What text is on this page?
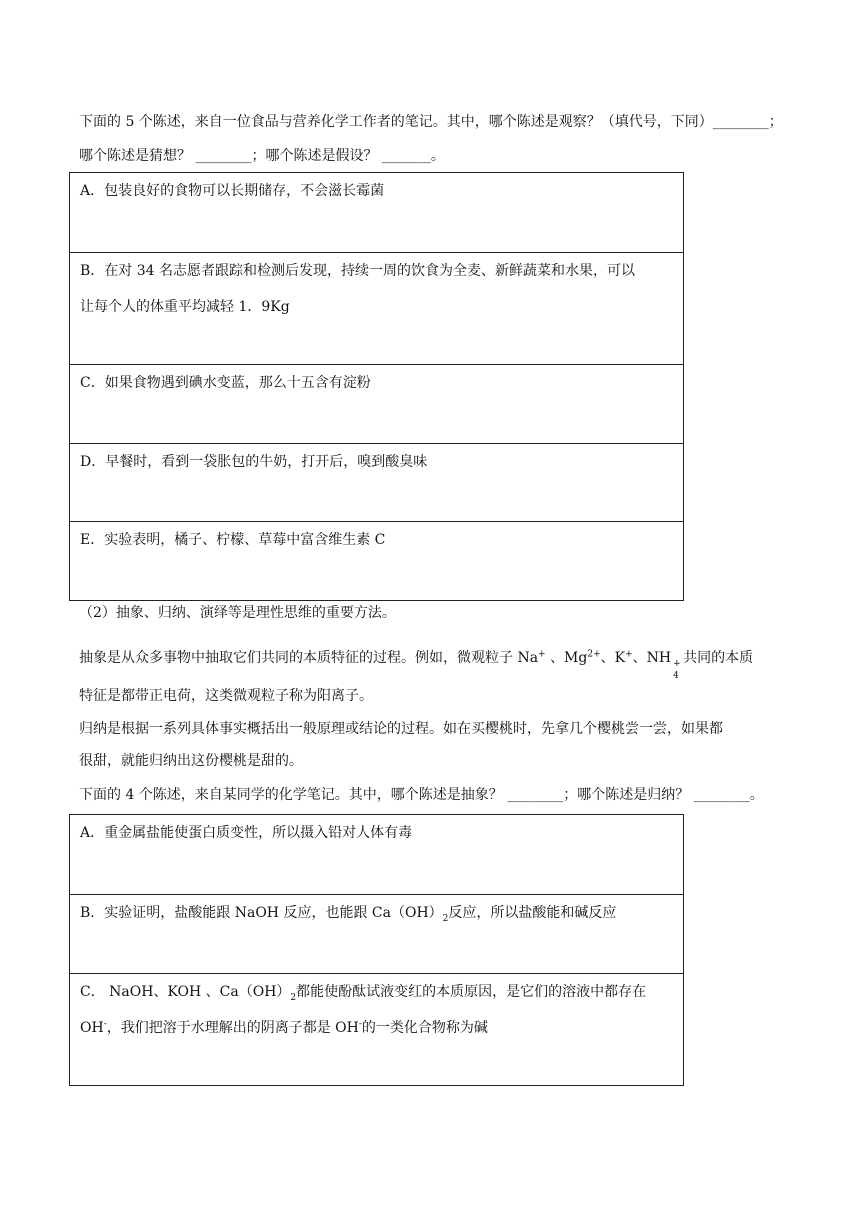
下面的 5 个陈述，来自一位食品与营养化学工作者的笔记。其中，哪个陈述是观察？（填代号，下同）________；
哪个陈述是猜想？ ________；哪个陈述是假设？ _______。
A．包装良好的食物可以长期储存，不会滋长霉菌
B．在对 34 名志愿者跟踪和检测后发现，持续一周的饮食为全麦、新鲜蔬菜和水果，可以
让每个人的体重平均减轻 1．9Kg
C．如果食物遇到碘水变蓝，那么十五含有淀粉
D．早餐时，看到一袋胀包的牛奶，打开后，嗅到酸臭味
E．实验表明，橘子、柠檬、草莓中富含维生素 C
（2）抽象、归纳、演绎等是理性思维的重要方法。
抽象是从众多事物中抽取它们共同的本质特征的过程。例如，微观粒子 Na+ 、$Mg^{2+}$、K+、NH +
4
共同的本质
特征是都带正电荷，这类微观粒子称为阳离子。
归纳是根据一系列具体事实概括出一般原理或结论的过程。如在买樱桃时，先拿几个樱桃尝一尝，如果都
很甜，就能归纳出这份樱桃是甜的。
下面的 4 个陈述，来自某同学的化学笔记。其中，哪个陈述是抽象？ ________；哪个陈述是归纳？ ________。
A．重金属盐能使蛋白质变性，所以摄入铅对人体有毒
B．实验证明，盐酸能跟 NaOH 反应，也能跟 $Ca(OH)_2$反应，所以盐酸能和碱反应
C． NaOH、KOH 、$Ca(OH)_2$都能使酚酞试液变红的本质原因，是它们的溶液中都存在
OH-，我们把溶于水理解出的阴离子都是 OH-的一类化合物称为碱
